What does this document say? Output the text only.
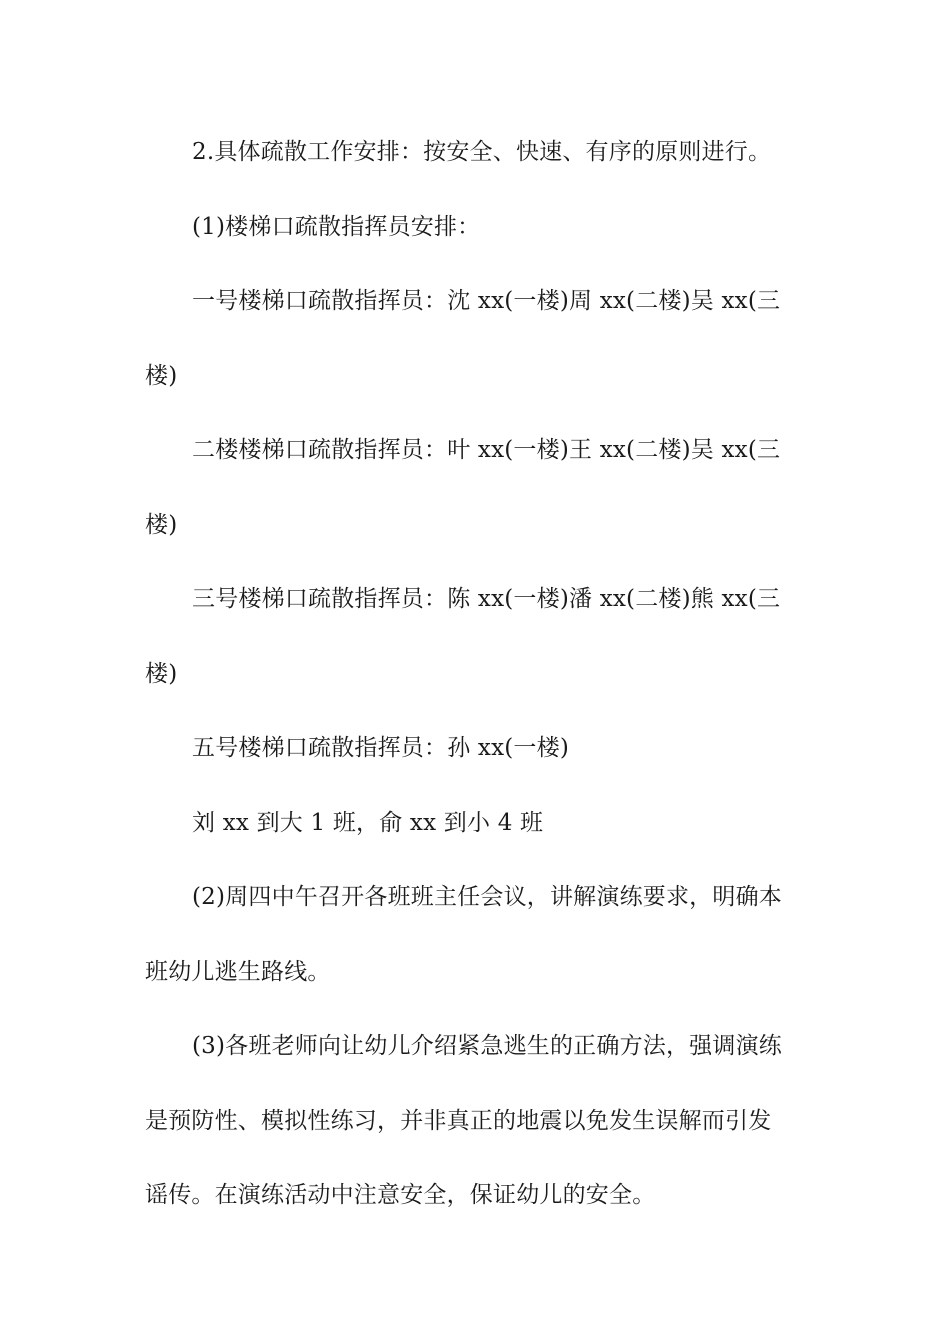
2.具体疏散工作安排：按安全、快速、有序的原则进行。
(1)楼梯口疏散指挥员安排：
一号楼梯口疏散指挥员：沈 xx(一楼)周 xx(二楼)吴 xx(三
楼)
二楼楼梯口疏散指挥员：叶 xx(一楼)王 xx(二楼)吴 xx(三
楼)
三号楼梯口疏散指挥员：陈 xx(一楼)潘 xx(二楼)熊 xx(三
楼)
五号楼梯口疏散指挥员：孙 xx(一楼)
刘 xx 到大 1 班，俞 xx 到小 4 班
(2)周四中午召开各班班主任会议，讲解演练要求，明确本
班幼儿逃生路线。
(3)各班老师向让幼儿介绍紧急逃生的正确方法，强调演练
是预防性、模拟性练习，并非真正的地震以免发生误解而引发
谣传。在演练活动中注意安全，保证幼儿的安全。
